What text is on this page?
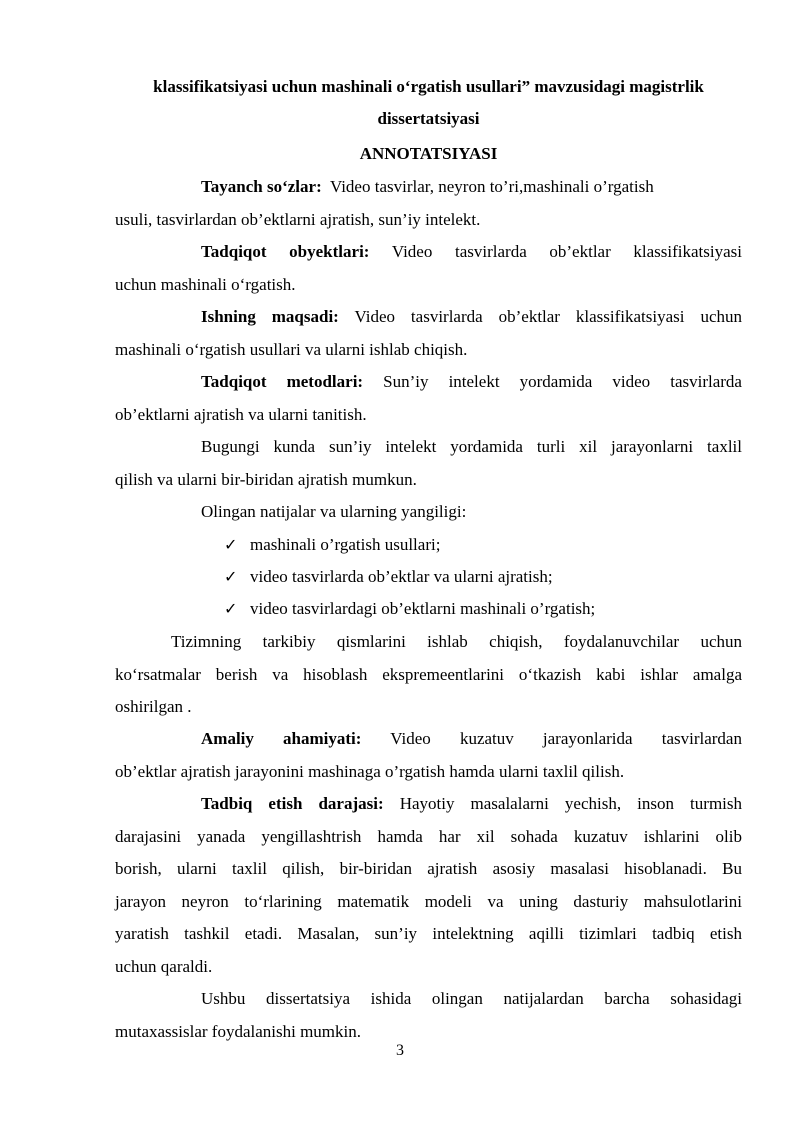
klassifikatsiyasi uchun mashinali o‘rgatish usullari” mavzusidagi magistrlik
dissertatsiyasi
ANNOTATSIYASI
Tayanch so‘zlar: Video tasvirlar, neyron to’ri,mashinali o’rgatish
usuli, tasvirlardan ob’ektlarni ajratish, sun’iy intelekt.
Tadqiqot obyektlari: Video tasvirlarda ob’ektlar klassifikatsiyasi
uchun mashinali o‘rgatish.
Ishning maqsadi: Video tasvirlarda ob’ektlar klassifikatsiyasi uchun
mashinali o‘rgatish usullari va ularni ishlab chiqish.
Tadqiqot metodlari: Sun’iy intelekt yordamida video tasvirlarda
ob’ektlarni ajratish va ularni tanitish.
Bugungi kunda sun’iy intelekt yordamida turli xil jarayonlarni taxlil
qilish va ularni bir-biridan ajratish mumkun.
Olingan natijalar va ularning yangiligi:
✓ mashinali o’rgatish usullari;
✓ video tasvirlarda ob’ektlar va ularni ajratish;
✓ video tasvirlardagi ob’ektlarni mashinali o’rgatish;
Tizimning tarkibiy qismlarini ishlab chiqish, foydalanuvchilar uchun
ko‘rsatmalar berish va hisoblash ekspremeentlarini o‘tkazish kabi ishlar amalga
oshirilgan .
Amaliy ahamiyati: Video kuzatuv jarayonlarida tasvirlardan
ob’ektlar ajratish jarayonini mashinaga o’rgatish hamda ularni taxlil qilish.
Tadbiq etish darajasi: Hayotiy masalalarni yechish, inson turmish
darajasini yanada yengillashtrish hamda har xil sohada kuzatuv ishlarini olib
borish, ularni taxlil qilish, bir-biridan ajratish asosiy masalasi hisoblanadi. Bu
jarayon neyron to‘rlarining matematik modeli va uning dasturiy mahsulotlarini
yaratish tashkil etadi. Masalan, sun’iy intelektning aqilli tizimlari tadbiq etish
uchun qaraldi.
Ushbu dissertatsiya ishida olingan natijalardan barcha sohasidagi
mutaxassislar foydalanishi mumkin.
3
